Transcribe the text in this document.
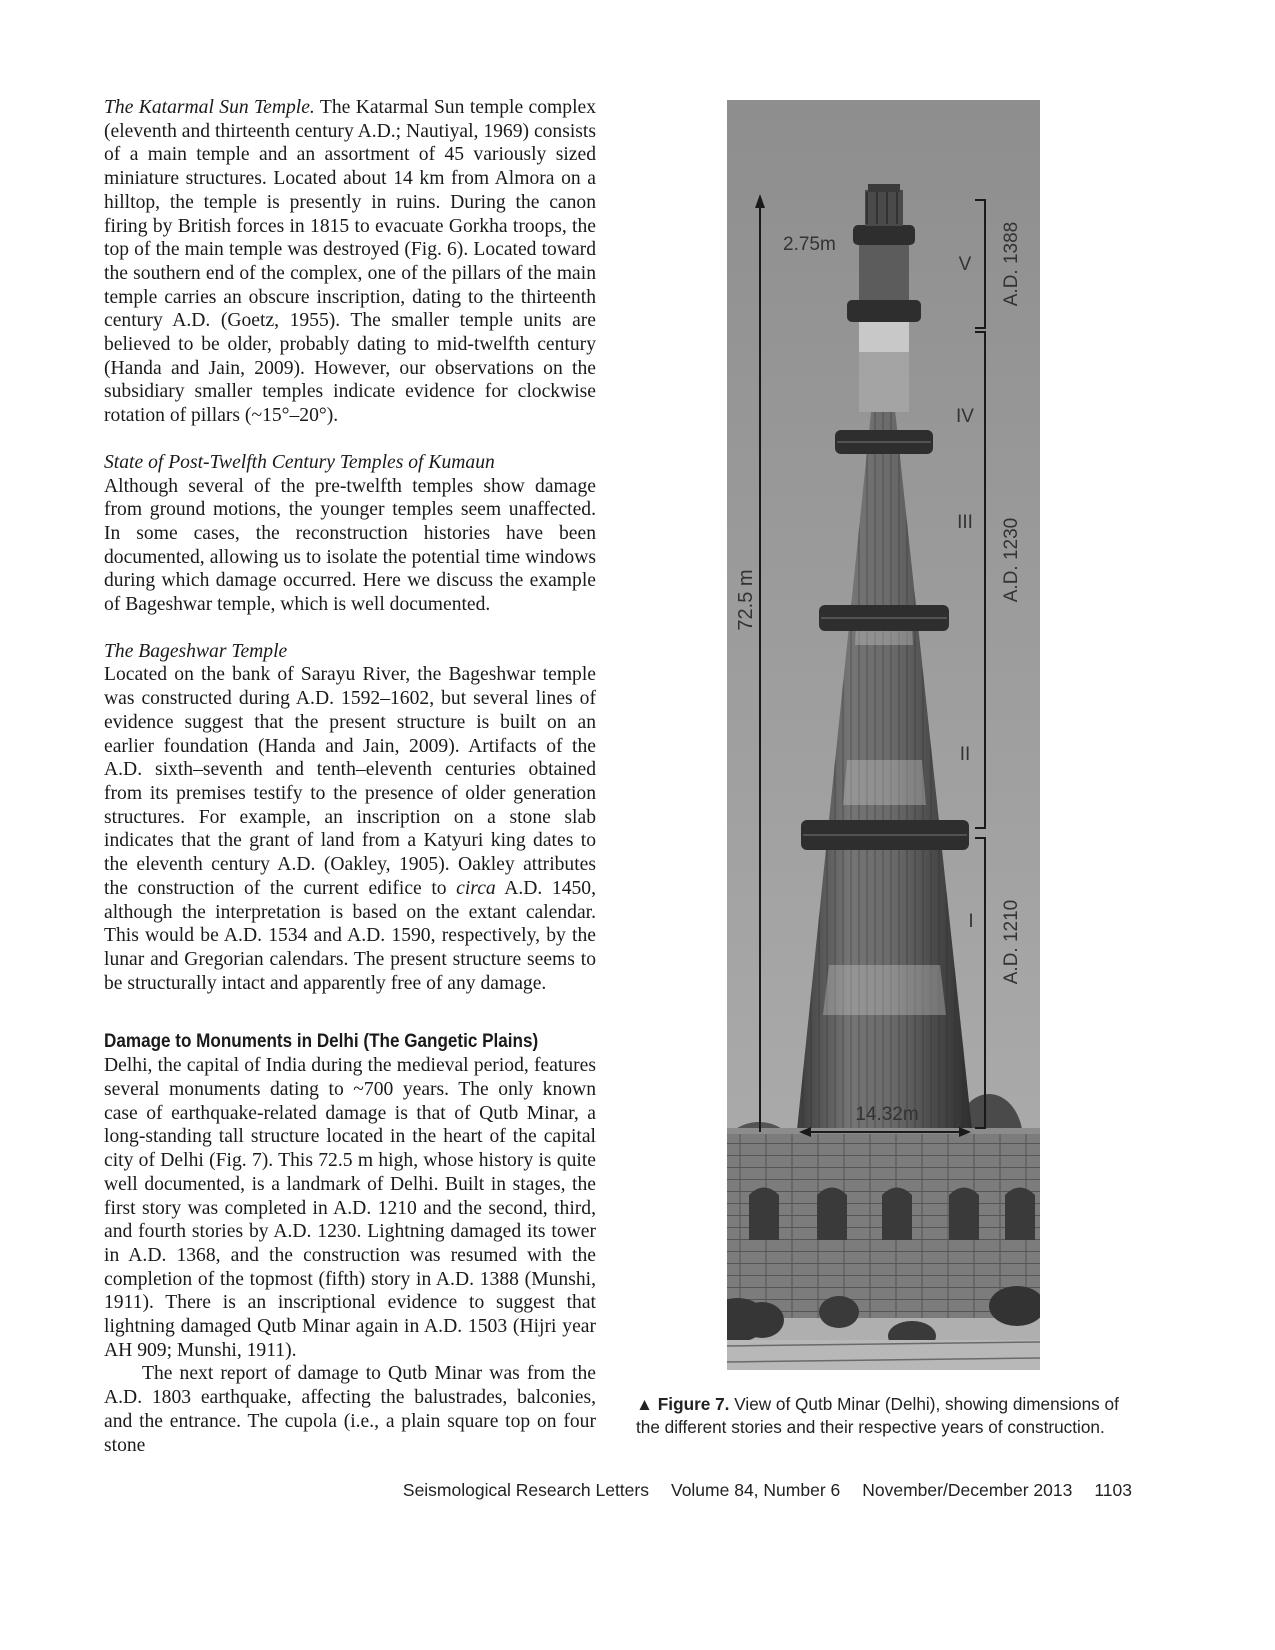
The Katarmal Sun Temple. The Katarmal Sun temple complex (eleventh and thirteenth century A.D.; Nautiyal, 1969) consists of a main temple and an assortment of 45 variously sized miniature structures. Located about 14 km from Almora on a hilltop, the temple is presently in ruins. During the canon firing by British forces in 1815 to evacuate Gorkha troops, the top of the main temple was destroyed (Fig. 6). Located toward the southern end of the complex, one of the pillars of the main temple carries an obscure inscription, dating to the thirteenth century A.D. (Goetz, 1955). The smaller temple units are believed to be older, probably dating to mid-twelfth century (Handa and Jain, 2009). However, our observations on the subsidiary smaller temples indicate evidence for clockwise rotation of pillars (~15°–20°).

State of Post-Twelfth Century Temples of Kumaun

Although several of the pre-twelfth temples show damage from ground motions, the younger temples seem unaffected. In some cases, the reconstruction histories have been documented, allowing us to isolate the potential time windows during which damage occurred. Here we discuss the example of Bageshwar temple, which is well documented.

The Bageshwar Temple

Located on the bank of Sarayu River, the Bageshwar temple was constructed during A.D. 1592–1602, but several lines of evidence suggest that the present structure is built on an earlier foundation (Handa and Jain, 2009). Artifacts of the A.D. sixth–seventh and tenth–eleventh centuries obtained from its premises testify to the presence of older generation structures. For example, an inscription on a stone slab indicates that the grant of land from a Katyuri king dates to the eleventh century A.D. (Oakley, 1905). Oakley attributes the construction of the current edifice to circa A.D. 1450, although the interpretation is based on the extant calendar. This would be A.D. 1534 and A.D. 1590, respectively, by the lunar and Gregorian calendars. The present structure seems to be structurally intact and apparently free of any damage.

Damage to Monuments in Delhi (The Gangetic Plains)

Delhi, the capital of India during the medieval period, features several monuments dating to ~700 years. The only known case of earthquake-related damage is that of Qutb Minar, a long-standing tall structure located in the heart of the capital city of Delhi (Fig. 7). This 72.5 m high, whose history is quite well documented, is a landmark of Delhi. Built in stages, the first story was completed in A.D. 1210 and the second, third, and fourth stories by A.D. 1230. Lightning damaged its tower in A.D. 1368, and the construction was resumed with the completion of the topmost (fifth) story in A.D. 1388 (Munshi, 1911). There is an inscriptional evidence to suggest that lightning damaged Qutb Minar again in A.D. 1503 (Hijri year AH 909; Munshi, 1911).

The next report of damage to Qutb Minar was from the A.D. 1803 earthquake, affecting the balustrades, balconies, and the entrance. The cupola (i.e., a plain square top on four stone

72.5 m
2.75m
14.32m
V
IV
III
II
I
A.D. 1388
A.D. 1230
A.D. 1210
▲ Figure 7. View of Qutb Minar (Delhi), showing dimensions of the different stories and their respective years of construction.
Seismological Research Letters Volume 84, Number 6 November/December 2013 1103
